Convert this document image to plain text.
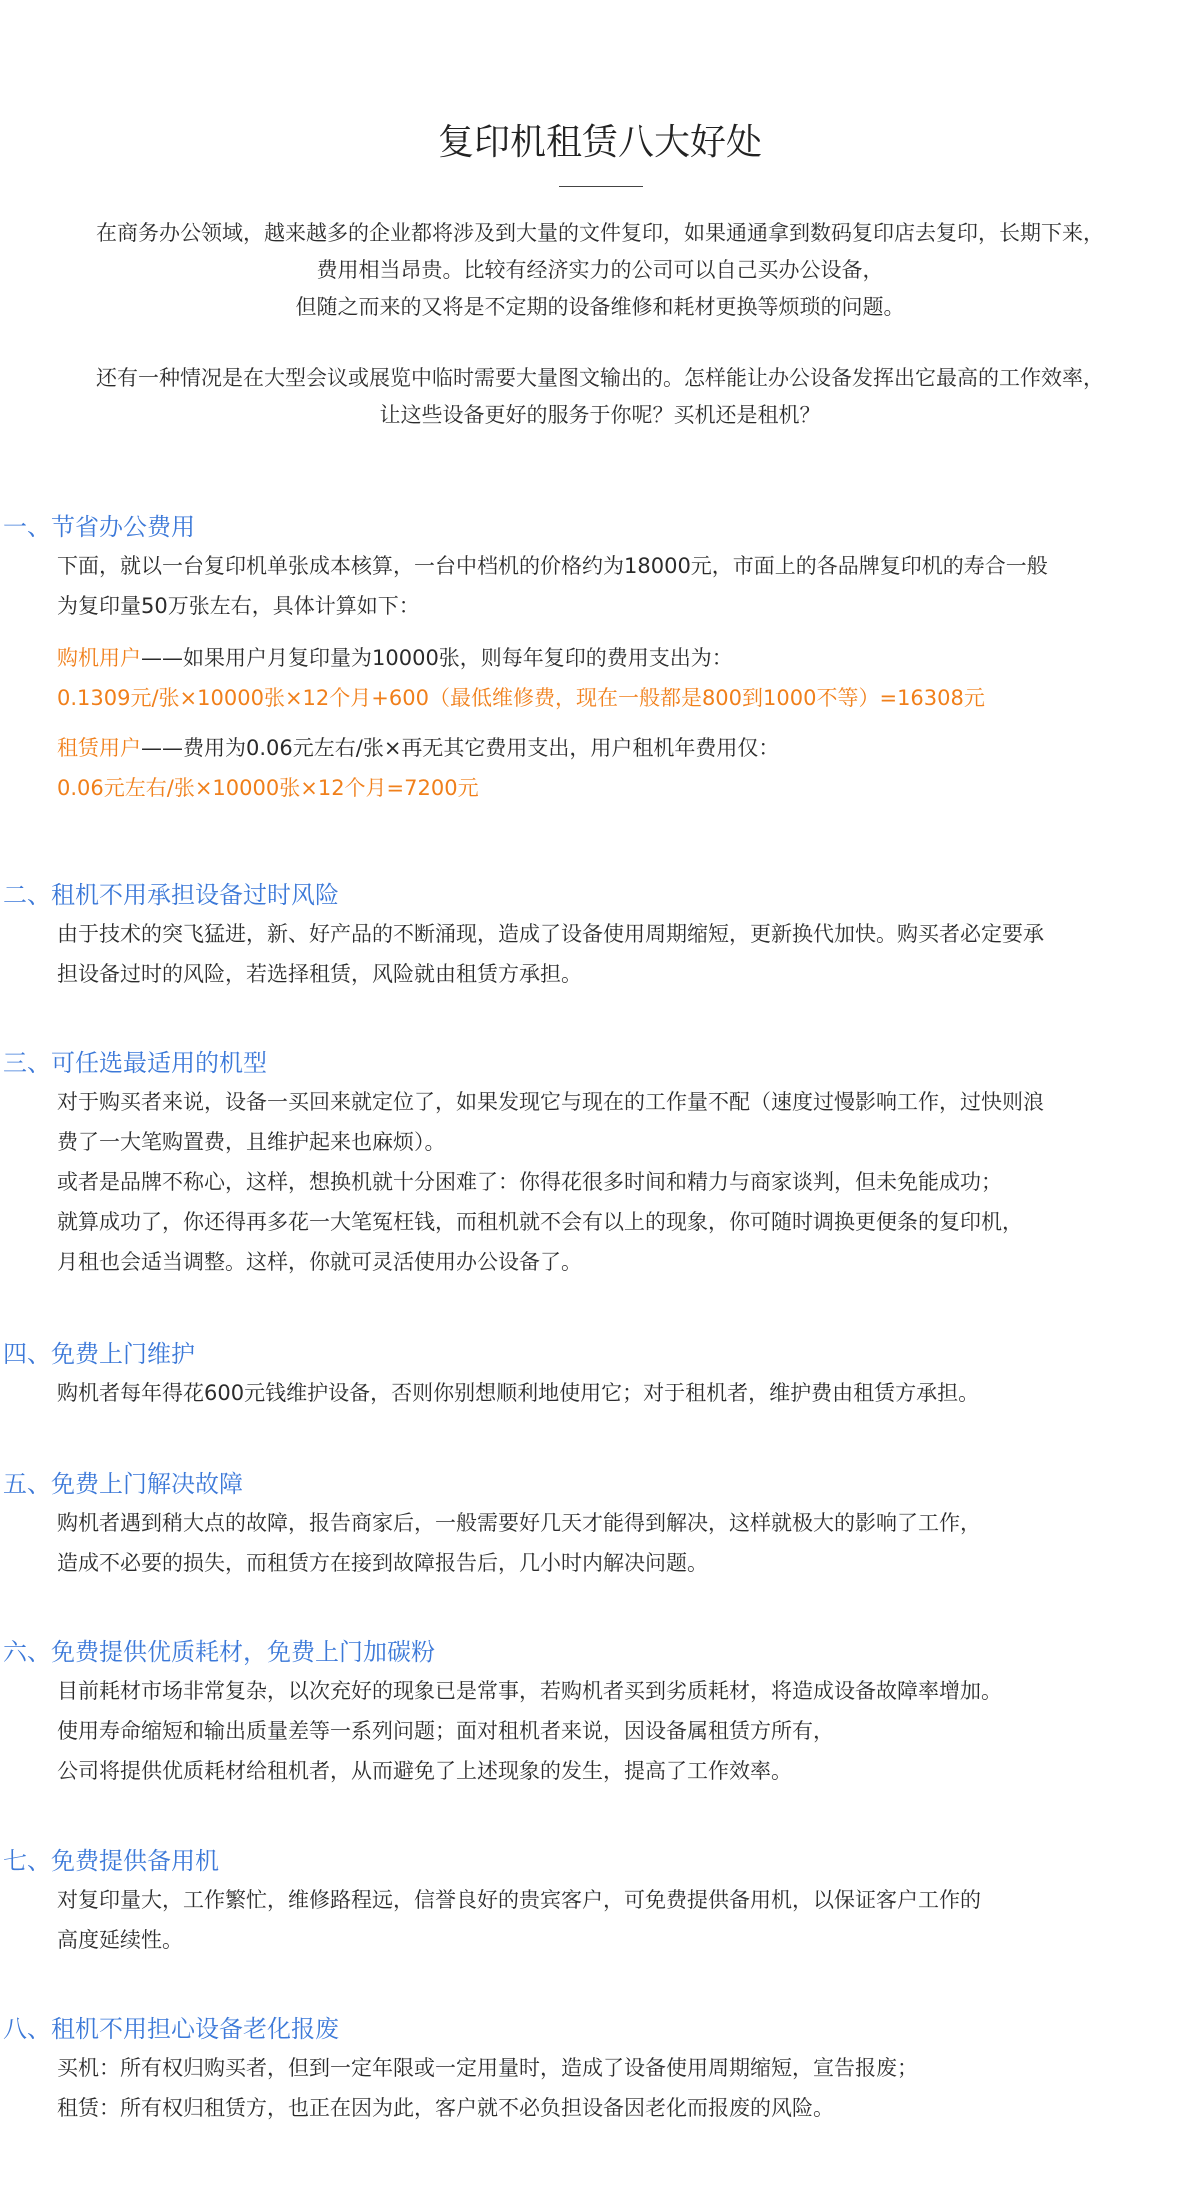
复印机租赁八大好处

在商务办公领域，越来越多的企业都将涉及到大量的文件复印，如果通通拿到数码复印店去复印，长期下来，

费用相当昂贵。比较有经济实力的公司可以自己买办公设备，

但随之而来的又将是不定期的设备维修和耗材更换等烦琐的问题。

还有一种情况是在大型会议或展览中临时需要大量图文输出的。怎样能让办公设备发挥出它最高的工作效率，

让这些设备更好的服务于你呢？买机还是租机？

一、节省办公费用

下面，就以一台复印机单张成本核算，一台中档机的价格约为18000元，市面上的各品牌复印机的寿合一般

为复印量50万张左右，具体计算如下：

购机用户——如果用户月复印量为10000张，则每年复印的费用支出为：

0.1309元/张×10000张×12个月+600（最低维修费，现在一般都是800到1000不等）=16308元

租赁用户——费用为0.06元左右/张×再无其它费用支出，用户租机年费用仅：

0.06元左右/张×10000张×12个月=7200元

二、租机不用承担设备过时风险

由于技术的突飞猛进，新、好产品的不断涌现，造成了设备使用周期缩短，更新换代加快。购买者必定要承

担设备过时的风险，若选择租赁，风险就由租赁方承担。

三、可任选最适用的机型

对于购买者来说，设备一买回来就定位了，如果发现它与现在的工作量不配（速度过慢影响工作，过快则浪

费了一大笔购置费，且维护起来也麻烦）。

或者是品牌不称心，这样，想换机就十分困难了：你得花很多时间和精力与商家谈判，但未免能成功；

就算成功了，你还得再多花一大笔冤枉钱，而租机就不会有以上的现象，你可随时调换更便条的复印机，

月租也会适当调整。这样，你就可灵活使用办公设备了。

四、免费上门维护

购机者每年得花600元钱维护设备，否则你别想顺利地使用它；对于租机者，维护费由租赁方承担。

五、免费上门解决故障

购机者遇到稍大点的故障，报告商家后，一般需要好几天才能得到解决，这样就极大的影响了工作，

造成不必要的损失，而租赁方在接到故障报告后，几小时内解决问题。

六、免费提供优质耗材，免费上门加碳粉

目前耗材市场非常复杂，以次充好的现象已是常事，若购机者买到劣质耗材，将造成设备故障率增加。

使用寿命缩短和输出质量差等一系列问题；面对租机者来说，因设备属租赁方所有，

公司将提供优质耗材给租机者，从而避免了上述现象的发生，提高了工作效率。

七、免费提供备用机

对复印量大，工作繁忙，维修路程远，信誉良好的贵宾客户，可免费提供备用机，以保证客户工作的

高度延续性。

八、租机不用担心设备老化报废

买机：所有权归购买者，但到一定年限或一定用量时，造成了设备使用周期缩短，宣告报废；

租赁：所有权归租赁方，也正在因为此，客户就不必负担设备因老化而报废的风险。
